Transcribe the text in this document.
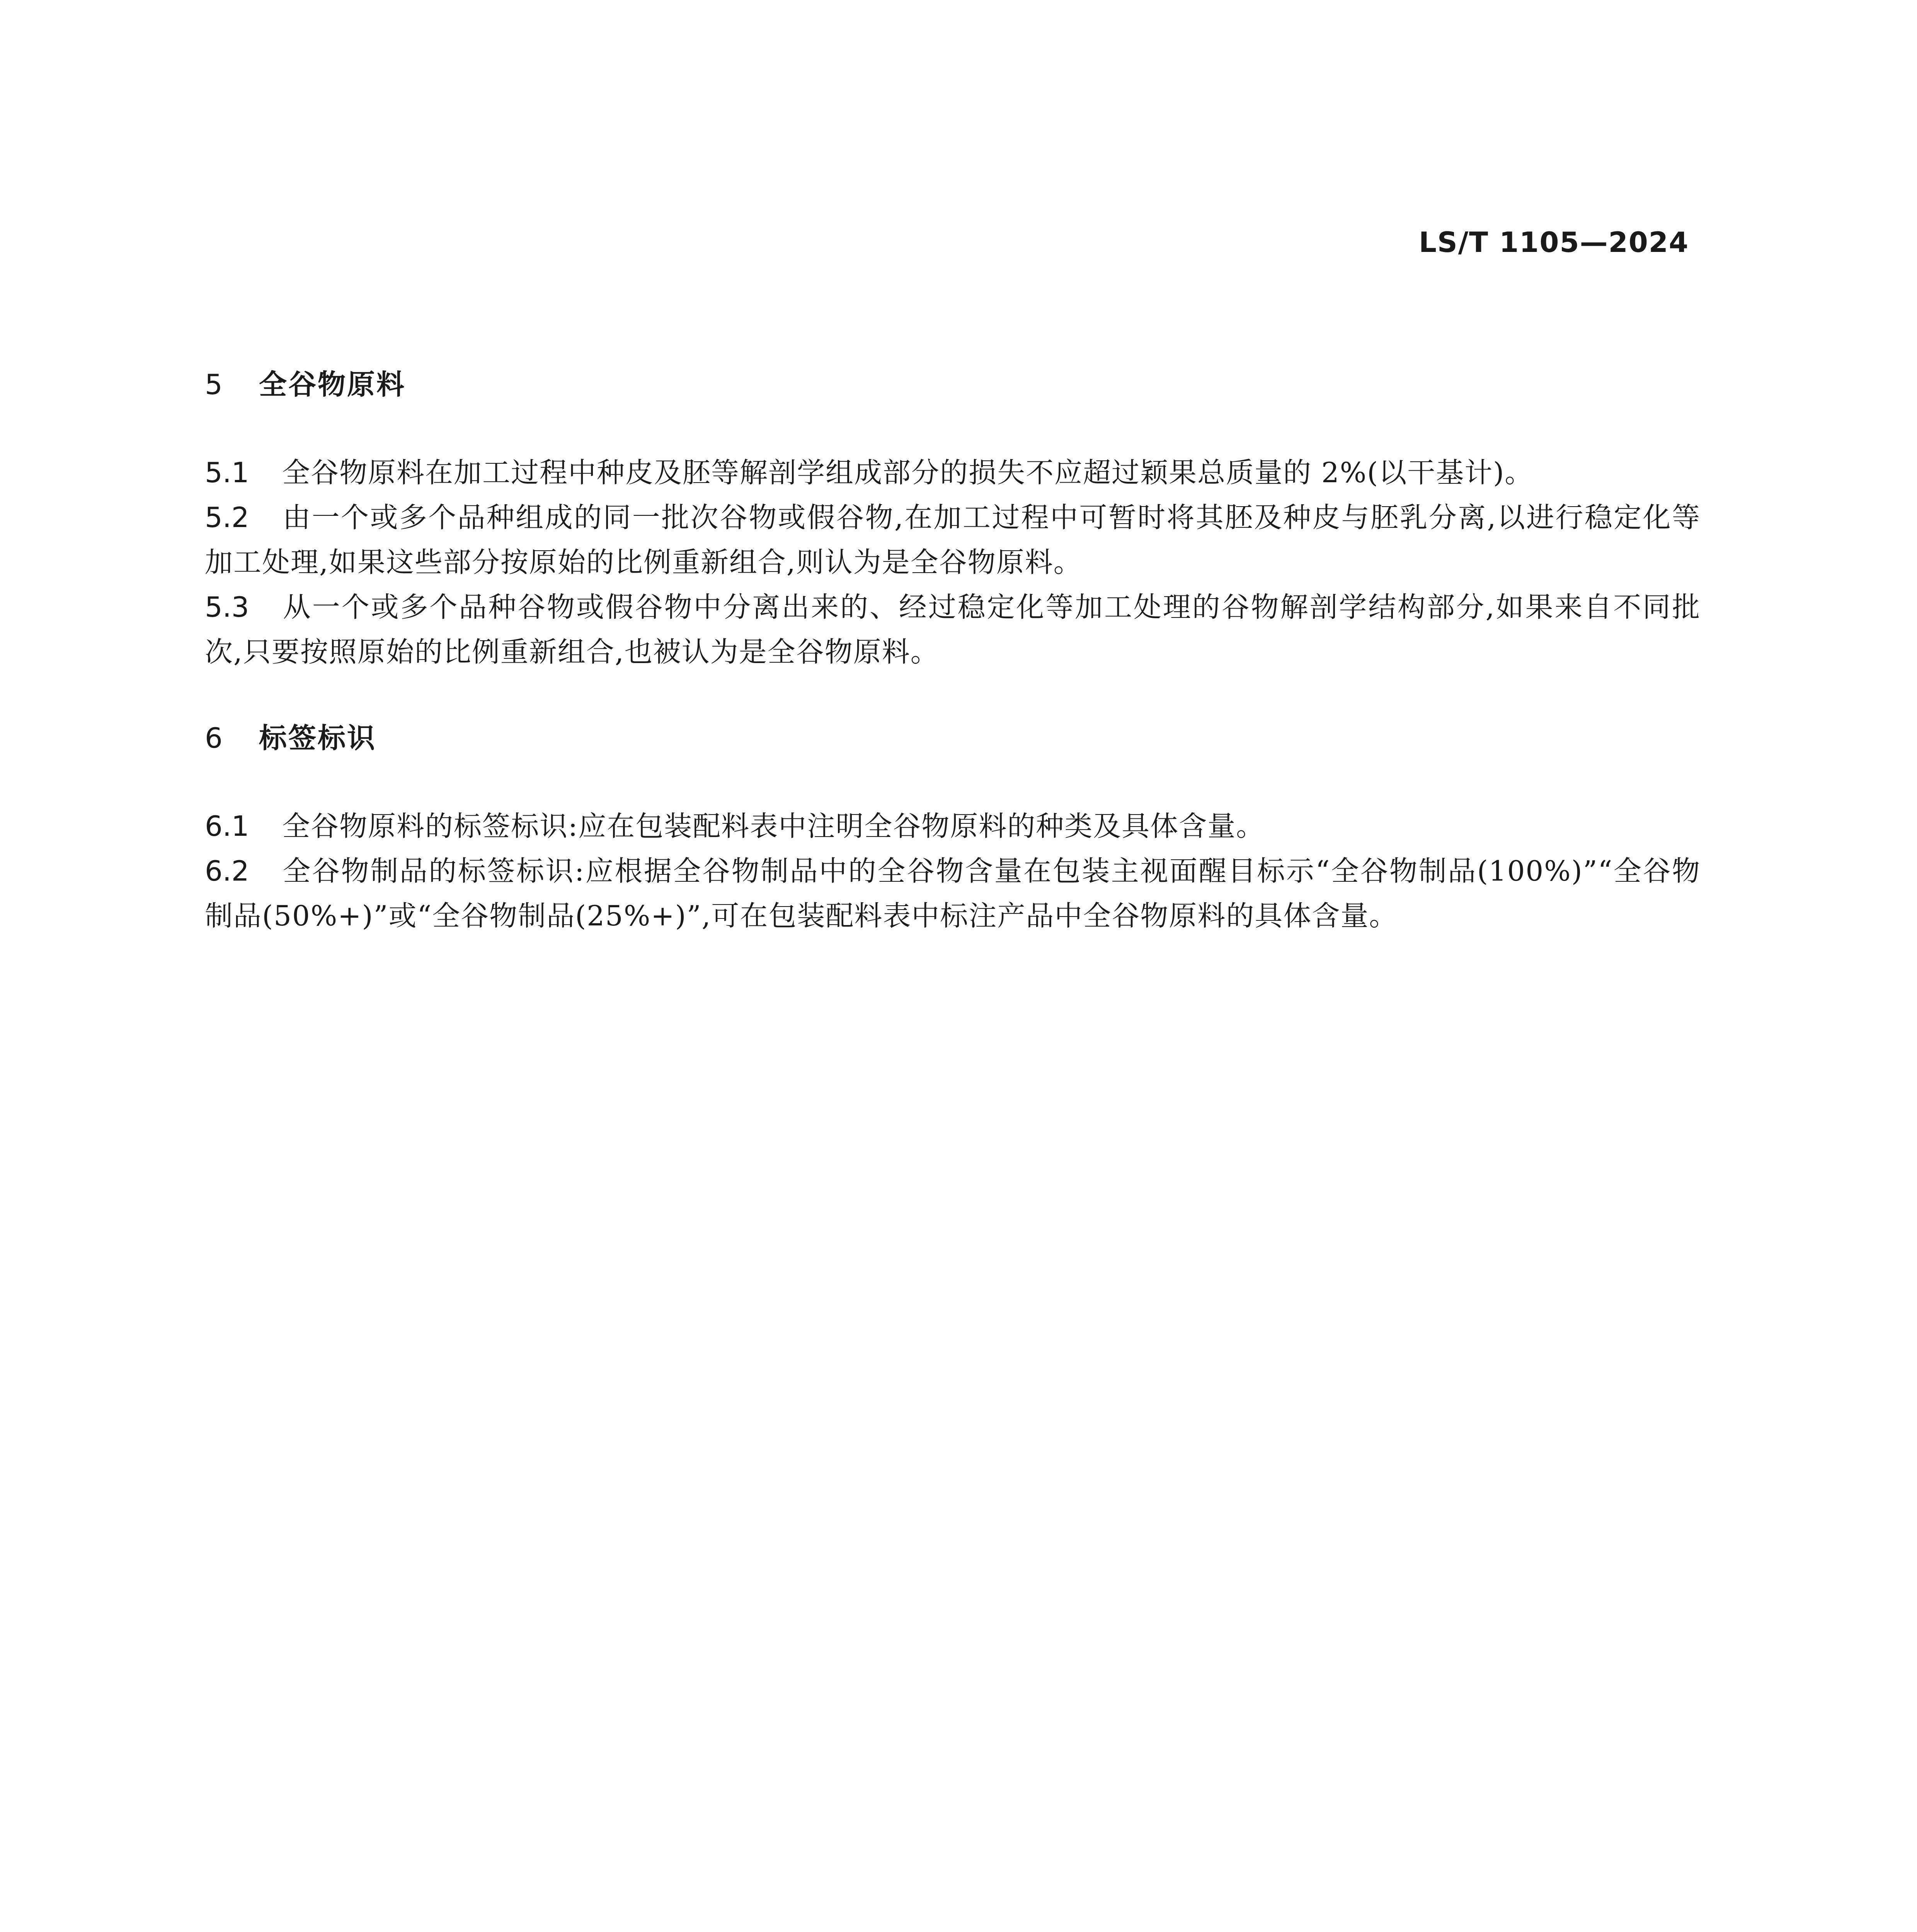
LS/T 1105—2024
5	全谷物原料

5.1 全谷物原料在加工过程中种皮及胚等解剖学组成部分的损失不应超过颖果总质量的 2%(以干基计)。

5.2 由一个或多个品种组成的同一批次谷物或假谷物,在加工过程中可暂时将其胚及种皮与胚乳分离,以进行稳定化等加工处理,如果这些部分按原始的比例重新组合,则认为是全谷物原料。

5.3 从一个或多个品种谷物或假谷物中分离出来的、经过稳定化等加工处理的谷物解剖学结构部分,如果来自不同批次,只要按照原始的比例重新组合,也被认为是全谷物原料。

6	标签标识

6.1 全谷物原料的标签标识:应在包装配料表中注明全谷物原料的种类及具体含量。

6.2 全谷物制品的标签标识:应根据全谷物制品中的全谷物含量在包装主视面醒目标示“全谷物制品(100%)”“全谷物制品(50%+)”或“全谷物制品(25%+)”,可在包装配料表中标注产品中全谷物原料的具体含量。
